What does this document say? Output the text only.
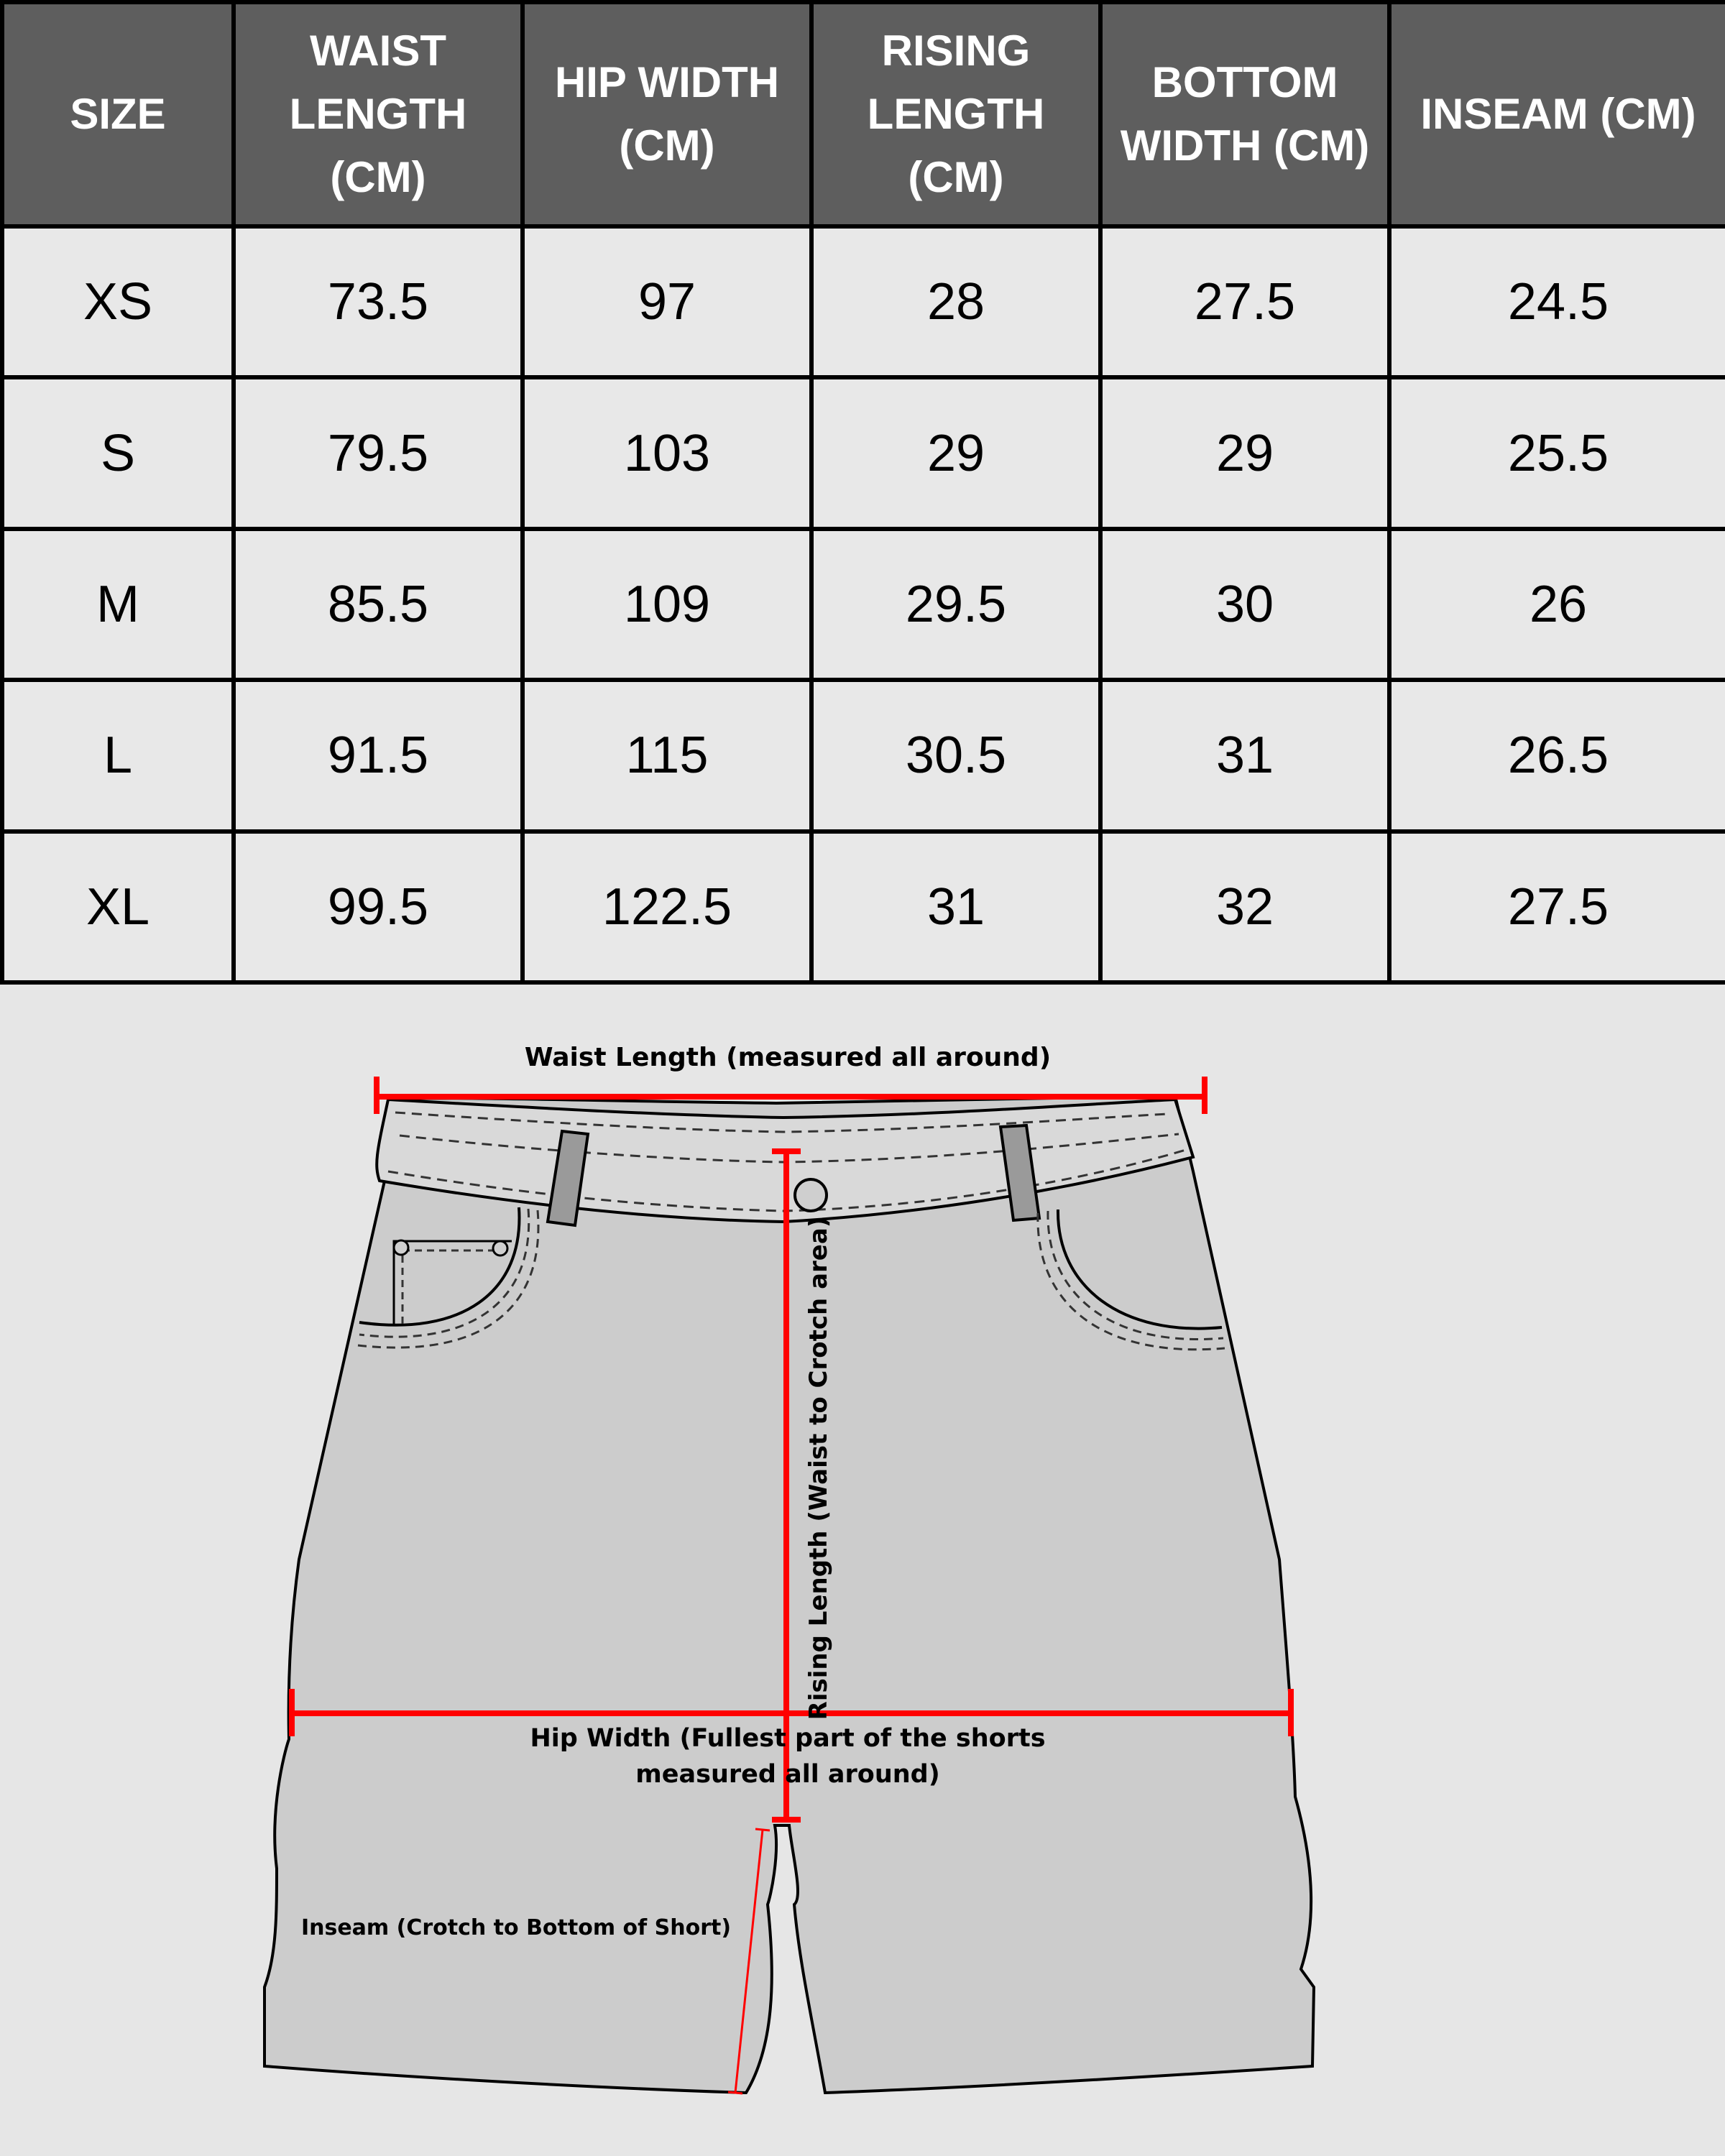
SIZE	WAIST LENGTH (CM)	HIP WIDTH (CM)	RISING LENGTH (CM)	BOTTOM WIDTH (CM)	INSEAM (CM)
XS	73.5	97	28	27.5	24.5
S	79.5	103	29	29	25.5
M	85.5	109	29.5	30	26
L	91.5	115	30.5	31	26.5
XL	99.5	122.5	31	32	27.5
Waist Length (measured all around)
Rising Length (Waist to Crotch area)
Hip Width (Fullest part of the shorts
measured all around)
Inseam (Crotch to Bottom of Short)
